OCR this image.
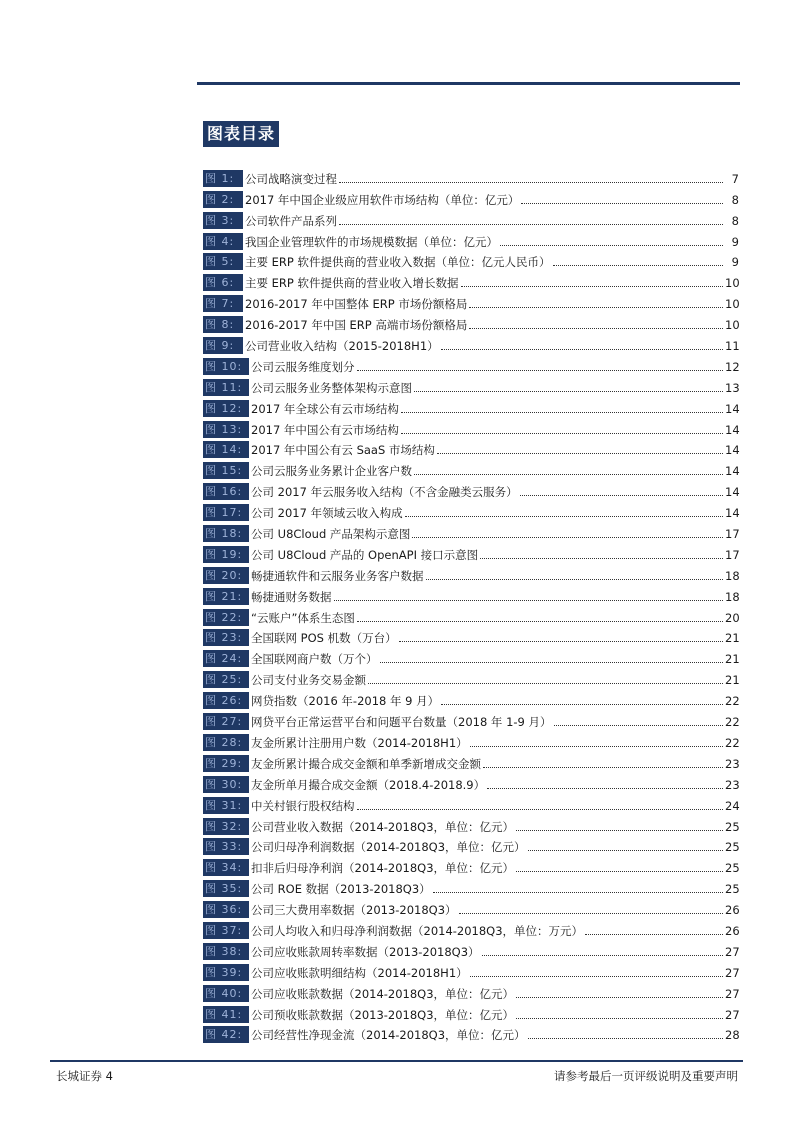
图表目录
图 1: 公司战略演变过程	7
图 2: 2017 年中国企业级应用软件市场结构（单位：亿元）	8
图 3: 公司软件产品系列	8
图 4: 我国企业管理软件的市场规模数据（单位：亿元）	9
图 5: 主要 ERP 软件提供商的营业收入数据（单位：亿元人民币）	9
图 6: 主要 ERP 软件提供商的营业收入增长数据	10
图 7: 2016-2017 年中国整体 ERP 市场份额格局	10
图 8: 2016-2017 年中国 ERP 高端市场份额格局	10
图 9: 公司营业收入结构（2015-2018H1）	11
图 10: 公司云服务维度划分	12
图 11: 公司云服务业务整体架构示意图	13
图 12: 2017 年全球公有云市场结构	14
图 13: 2017 年中国公有云市场结构	14
图 14: 2017 年中国公有云 SaaS 市场结构	14
图 15: 公司云服务业务累计企业客户数	14
图 16: 公司 2017 年云服务收入结构（不含金融类云服务）	14
图 17: 公司 2017 年领域云收入构成	14
图 18: 公司 U8Cloud 产品架构示意图	17
图 19: 公司 U8Cloud 产品的 OpenAPI 接口示意图	17
图 20: 畅捷通软件和云服务业务客户数据	18
图 21: 畅捷通财务数据	18
图 22: “云账户”体系生态图	20
图 23: 全国联网 POS 机数（万台）	21
图 24: 全国联网商户数（万个）	21
图 25: 公司支付业务交易金额	21
图 26: 网贷指数（2016 年-2018 年 9 月）	22
图 27: 网贷平台正常运营平台和问题平台数量（2018 年 1-9 月）	22
图 28: 友金所累计注册用户数（2014-2018H1）	22
图 29: 友金所累计撮合成交金额和单季新增成交金额	23
图 30: 友金所单月撮合成交金额（2018.4-2018.9）	23
图 31: 中关村银行股权结构	24
图 32: 公司营业收入数据（2014-2018Q3，单位：亿元）	25
图 33: 公司归母净利润数据（2014-2018Q3，单位：亿元）	25
图 34: 扣非后归母净利润（2014-2018Q3，单位：亿元）	25
图 35: 公司 ROE 数据（2013-2018Q3）	25
图 36: 公司三大费用率数据（2013-2018Q3）	26
图 37: 公司人均收入和归母净利润数据（2014-2018Q3，单位：万元）	26
图 38: 公司应收账款周转率数据（2013-2018Q3）	27
图 39: 公司应收账款明细结构（2014-2018H1）	27
图 40: 公司应收账款数据（2014-2018Q3，单位：亿元）	27
图 41: 公司预收账款数据（2013-2018Q3，单位：亿元）	27
图 42: 公司经营性净现金流（2014-2018Q3，单位：亿元）	28
长城证券 4	请参考最后一页评级说明及重要声明
